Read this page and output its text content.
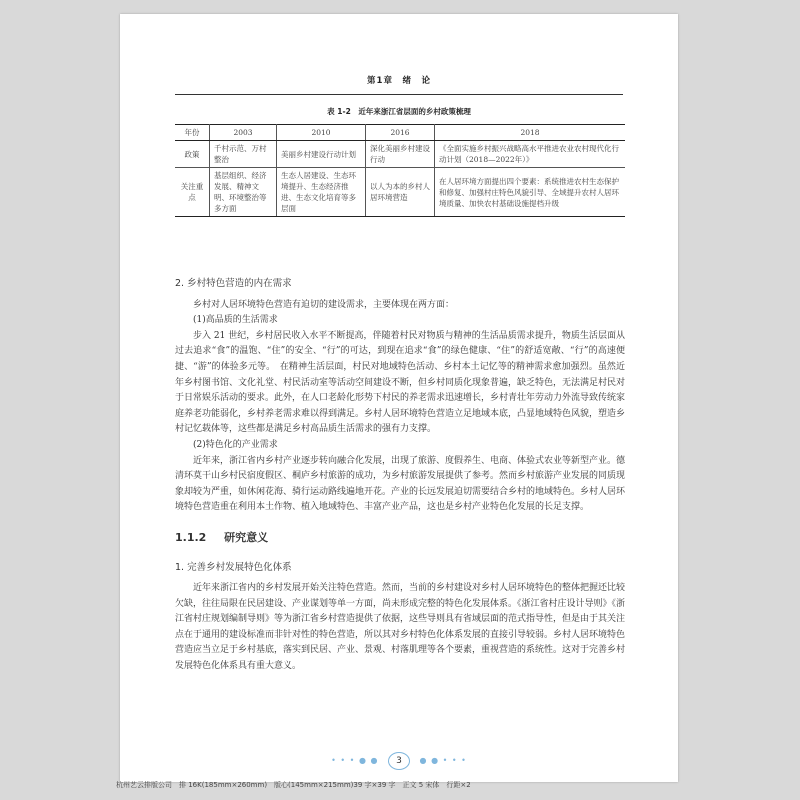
第1章　绪　论
表 1-2　近年来浙江省层面的乡村政策梳理
年份	2003	2010	2016	2018
政策	千村示范、万村整治	美丽乡村建设行动计划	深化美丽乡村建设行动	《全面实施乡村振兴战略高水平推进农业农村现代化行动计划（2018—2022年）》
关注重点	基层组织、经济发展、精神文明、环境整治等多方面	生态人居建设、生态环境提升、生态经济推进、生态文化培育等多层面	以人为本的乡村人居环境营造	在人居环境方面提出四个要素：系统推进农村生态保护和修复、加强村庄特色风貌引导、全域提升农村人居环境质量、加快农村基础设施提档升级
2. 乡村特色营造的内在需求

乡村对人居环境特色营造有迫切的建设需求，主要体现在两方面：

(1)高品质的生活需求

步入 21 世纪，乡村居民收入水平不断提高，伴随着村民对物质与精神的生活品质需求提升，物质生活层面从过去追求“食”的温饱、“住”的安全、“行”的可达，到现在追求“食”的绿色健康、“住”的舒适宽敞、“行”的高速便捷、“游”的体验多元等。　在精神生活层面，村民对地域特色活动、乡村本土记忆等的精神需求愈加强烈。虽然近年乡村图书馆、文化礼堂、村民活动室等活动空间建设不断，但乡村同质化现象普遍，缺乏特色，无法满足村民对于日常娱乐活动的要求。此外，在人口老龄化形势下村民的养老需求迅速增长，乡村青壮年劳动力外流导致传统家庭养老功能弱化，乡村养老需求难以得到满足。乡村人居环境特色营造立足地域本底，凸显地域特色风貌，塑造乡村记忆载体等，这些都是满足乡村高品质生活需求的强有力支撑。

(2)特色化的产业需求

近年来，浙江省内乡村产业逐步转向融合化发展，出现了旅游、度假养生、电商、体验式农业等新型产业。德清环莫干山乡村民宿度假区、桐庐乡村旅游的成功，为乡村旅游发展提供了参考。然而乡村旅游产业发展的同质现象却较为严重，如休闲花海、骑行运动路线遍地开花。产业的长远发展迫切需要结合乡村的地域特色。乡村人居环境特色营造重在利用本土作物、植入地域特色、丰富产业产品，这也是乡村产业特色化发展的长足支撑。

1.1.2 研究意义
1. 完善乡村发展特色化体系

近年来浙江省内的乡村发展开始关注特色营造。然而，当前的乡村建设对乡村人居环境特色的整体把握还比较欠缺，往往局限在民居建设、产业谋划等单一方面，尚未形成完整的特色化发展体系。《浙江省村庄设计导则》《浙江省村庄规划编制导则》等为浙江省乡村营造提供了依据，这些导则具有省域层面的范式指导性，但是由于其关注点在于通用的建设标准而非针对性的特色营造，所以其对乡村特色化体系发展的直接引导较弱。乡村人居环境特色营造应当立足于乡村基底，落实到民居、产业、景观、村落肌理等各个要素，重视营造的系统性。这对于完善乡村发展特色化体系具有重大意义。

• • • ● ● 3 ● ● • • •
杭州艺云排版公司　排 16K(185mm×260mm)　版心(145mm×215mm)39 字×39 字　正文 5 宋体　行距×2
